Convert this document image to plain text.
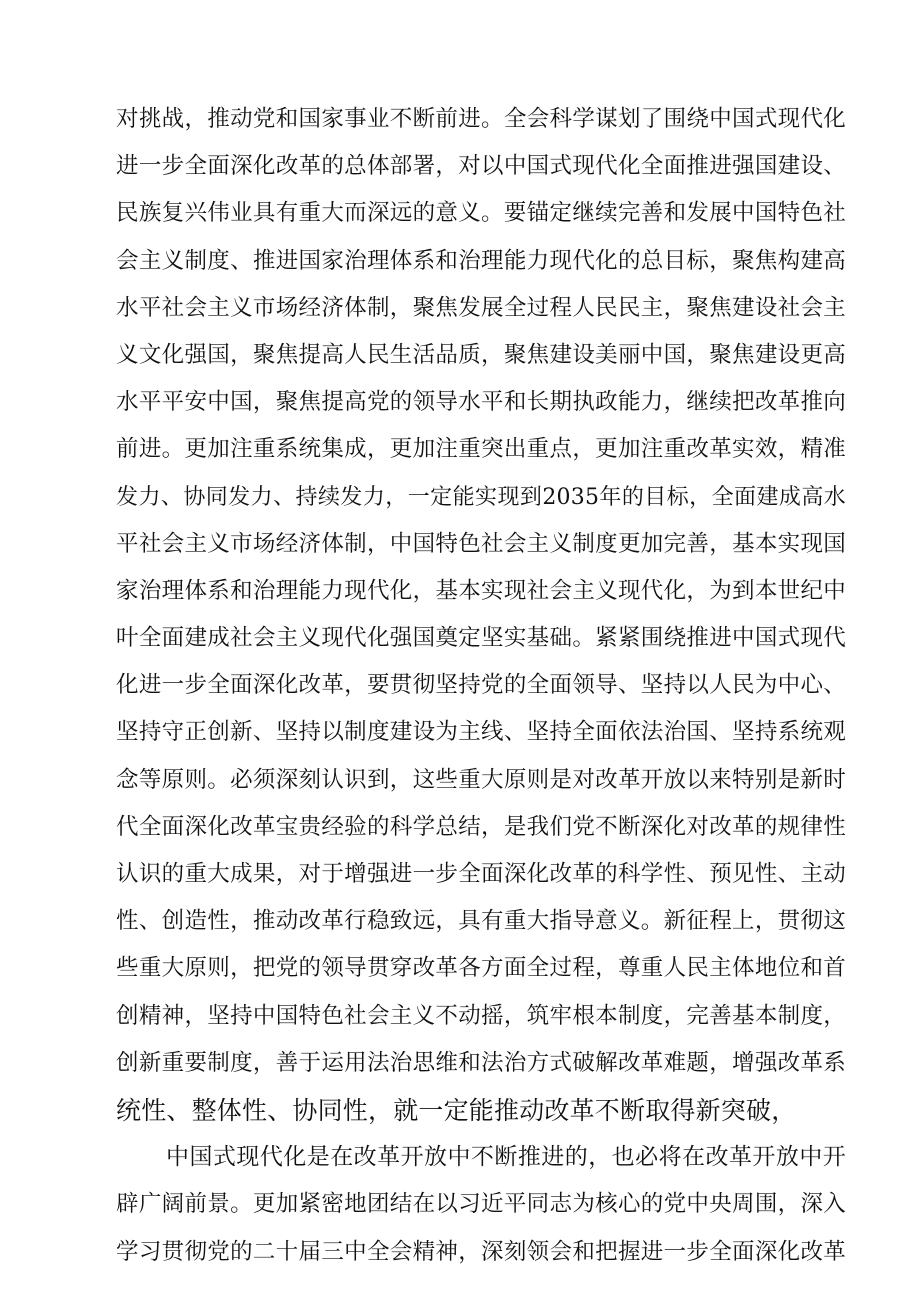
对挑战，推动党和国家事业不断前进。全会科学谋划了围绕中国式现代化
进一步全面深化改革的总体部署，对以中国式现代化全面推进强国建设、
民族复兴伟业具有重大而深远的意义。要锚定继续完善和发展中国特色社
会主义制度、推进国家治理体系和治理能力现代化的总目标，聚焦构建高
水平社会主义市场经济体制，聚焦发展全过程人民民主，聚焦建设社会主
义文化强国，聚焦提高人民生活品质，聚焦建设美丽中国，聚焦建设更高
水平平安中国，聚焦提高党的领导水平和长期执政能力，继续把改革推向
前进。更加注重系统集成，更加注重突出重点，更加注重改革实效，精准
发力、协同发力、持续发力，一定能实现到2035年的目标，全面建成高水
平社会主义市场经济体制，中国特色社会主义制度更加完善，基本实现国
家治理体系和治理能力现代化，基本实现社会主义现代化，为到本世纪中
叶全面建成社会主义现代化强国奠定坚实基础。紧紧围绕推进中国式现代
化进一步全面深化改革，要贯彻坚持党的全面领导、坚持以人民为中心、
坚持守正创新、坚持以制度建设为主线、坚持全面依法治国、坚持系统观
念等原则。必须深刻认识到，这些重大原则是对改革开放以来特别是新时
代全面深化改革宝贵经验的科学总结，是我们党不断深化对改革的规律性
认识的重大成果，对于增强进一步全面深化改革的科学性、预见性、主动
性、创造性，推动改革行稳致远，具有重大指导意义。新征程上，贯彻这
些重大原则，把党的领导贯穿改革各方面全过程，尊重人民主体地位和首
创精神，坚持中国特色社会主义不动摇，筑牢根本制度，完善基本制度，
创新重要制度，善于运用法治思维和法治方式破解改革难题，增强改革系
统性、整体性、协同性，就一定能推动改革不断取得新突破，
中国式现代化是在改革开放中不断推进的，也必将在改革开放中开
辟广阔前景。更加紧密地团结在以习近平同志为核心的党中央周围，深入
学习贯彻党的二十届三中全会精神，深刻领会和把握进一步全面深化改革
